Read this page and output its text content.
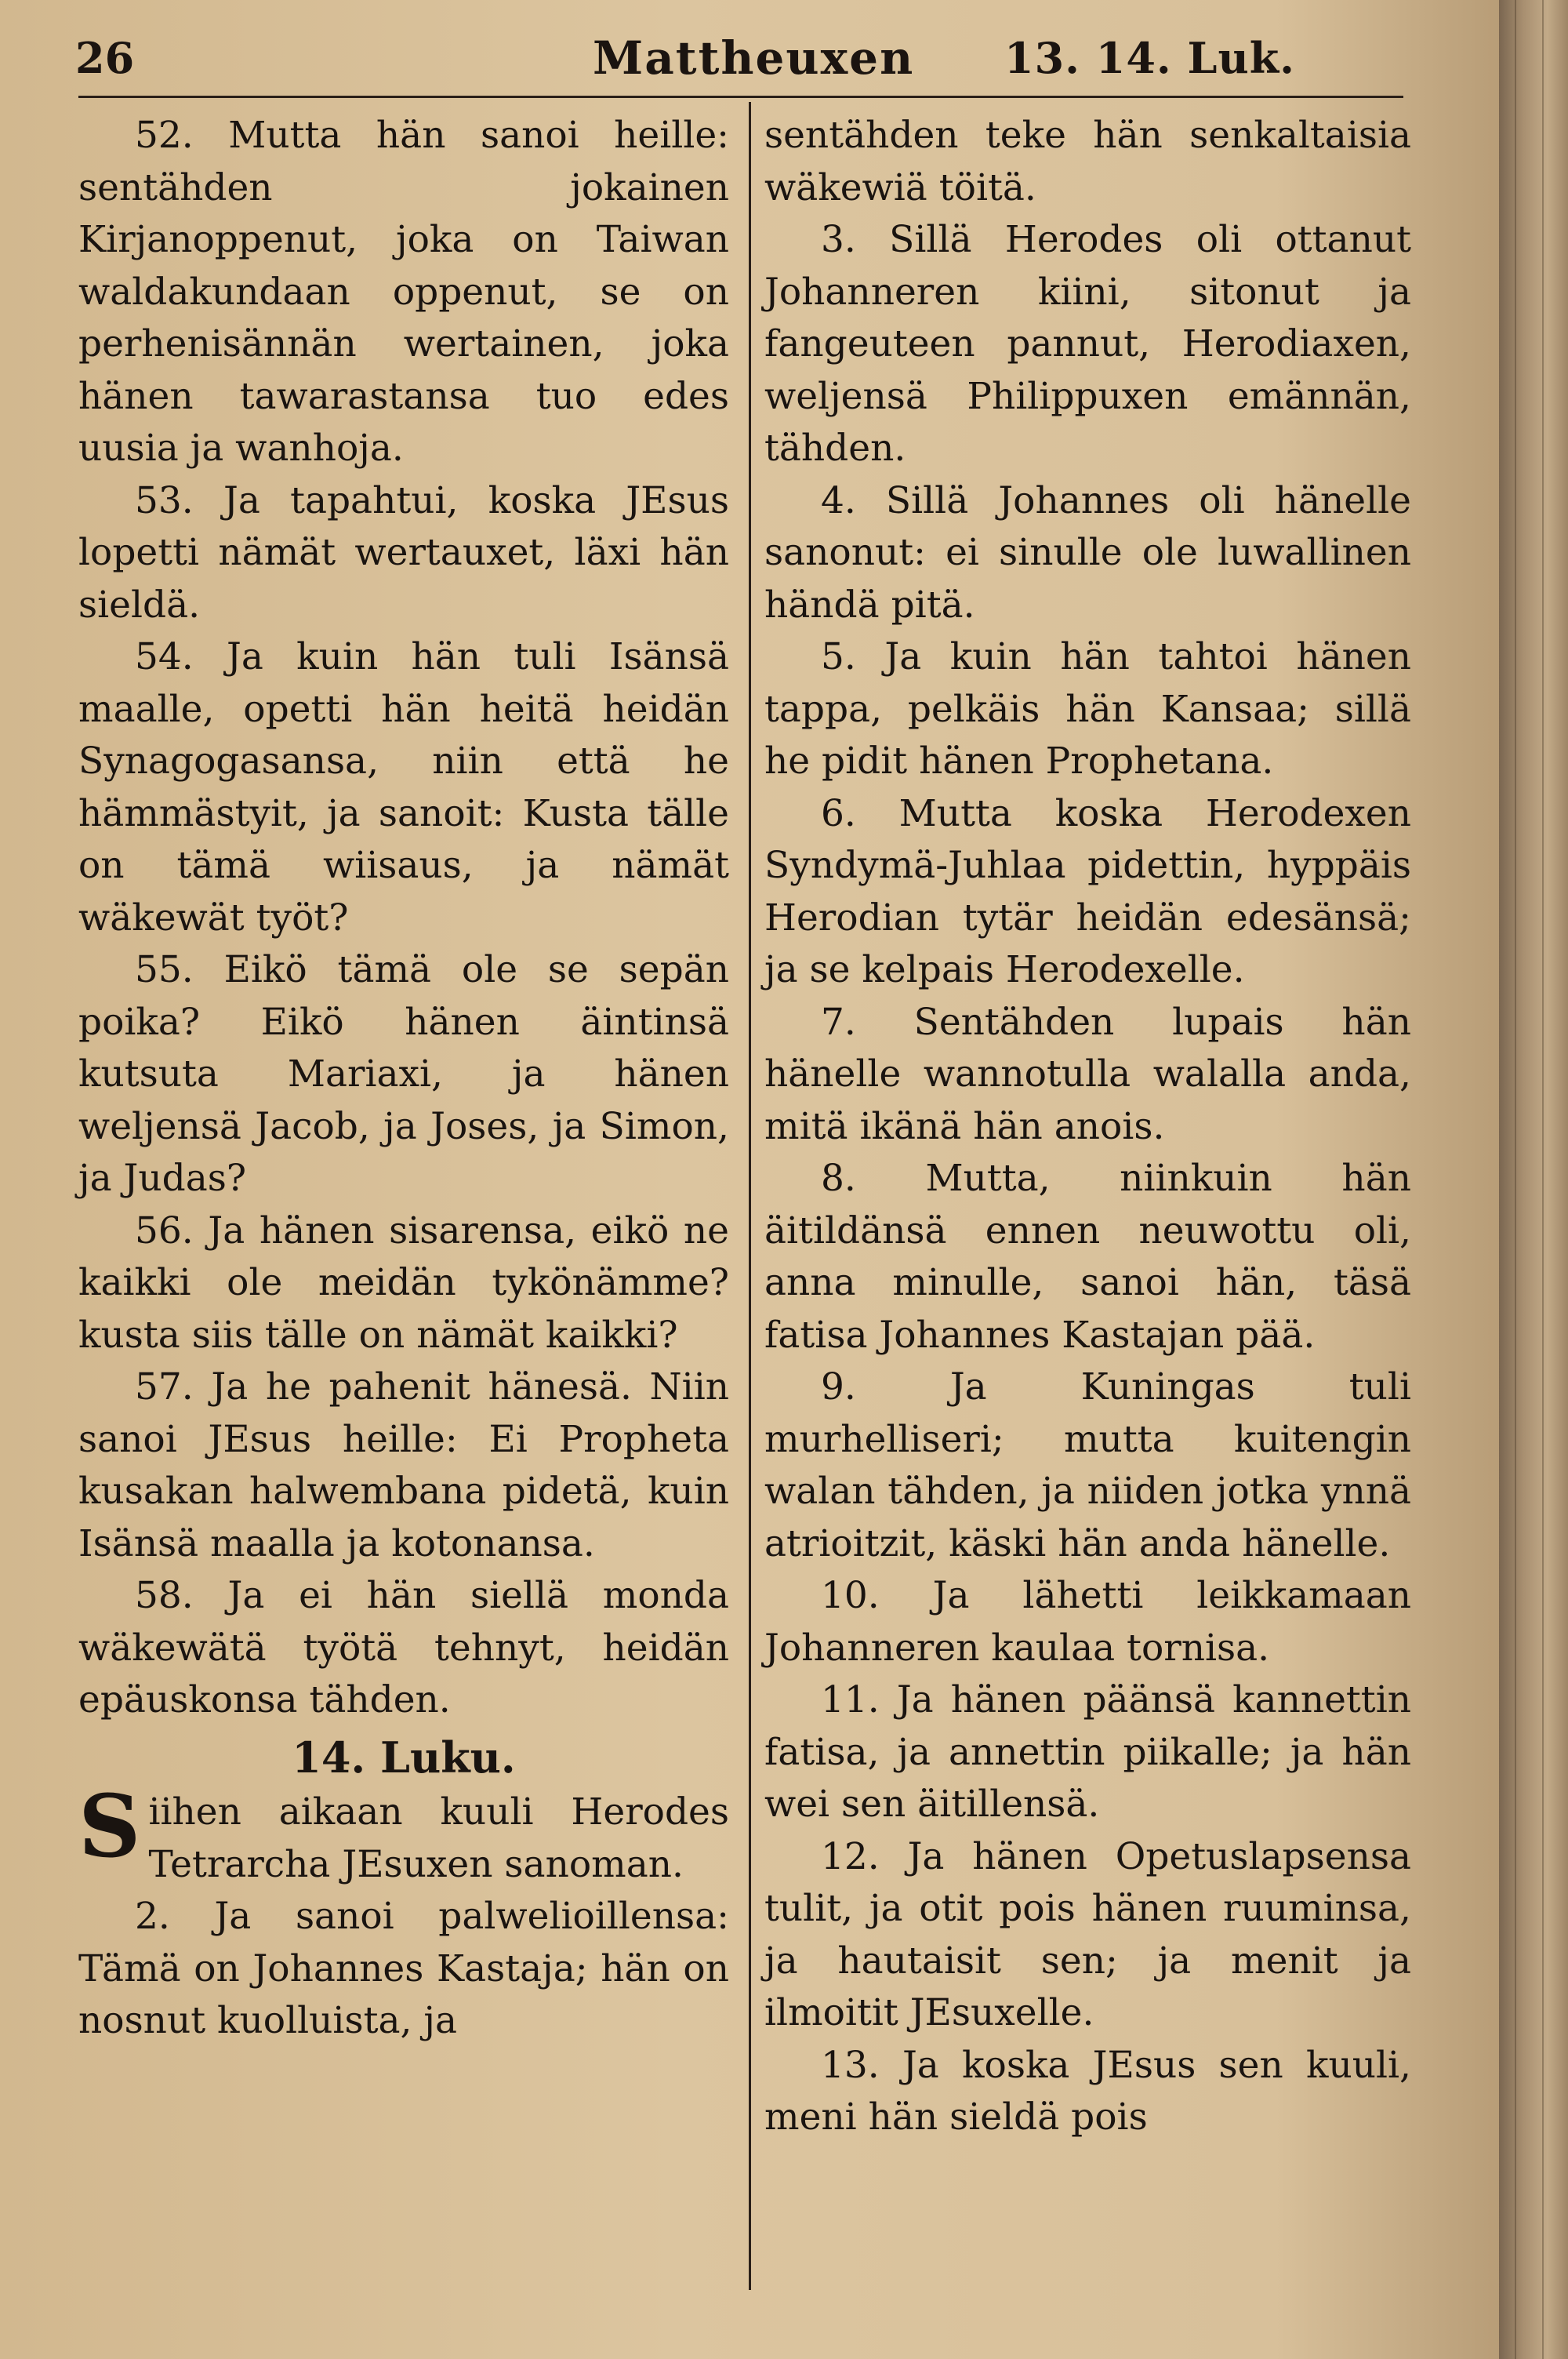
26	Mattheuxen 13. 14. Luk.

52. Mutta hän sanoi heille: sentähden jokainen Kirjanoppenut, joka on Taiwan waldakundaan oppenut, se on perhenisännän wertainen, joka hänen tawarastansa tuo edes uusia ja wanhoja.

53. Ja tapahtui, koska JEsus lopetti nämät wertauxet, läxi hän sieldä.

54. Ja kuin hän tuli Isänsä maalle, opetti hän heitä heidän Synagogasansa, niin että he hämmästyit, ja sanoit: Kusta tälle on tämä wiisaus, ja nämät wäkewät työt?

55. Eikö tämä ole se sepän poika? Eikö hänen äintinsä kutsuta Mariaxi, ja hänen weljensä Jacob, ja Joses, ja Simon, ja Judas?

56. Ja hänen sisarensa, eikö ne kaikki ole meidän tykönämme? kusta siis tälle on nämät kaikki?

57. Ja he pahenit hänesä. Niin sanoi JEsus heille: Ei Propheta kusakan halwembana pidetä, kuin Isänsä maalla ja kotonansa.

58. Ja ei hän siellä monda wäkewätä työtä tehnyt, heidän epäuskonsa tähden.

14. Luku.

Siihen aikaan kuuli Herodes Tetrarcha JEsuxen sanoman.

2. Ja sanoi palwelioillensa: Tämä on Johannes Kastaja; hän on nosnut kuolluista, ja

sentähden teke hän senkaltaisia wäkewiä töitä.

3. Sillä Herodes oli ottanut Johanneren kiini, sitonut ja fangeuteen pannut, Herodiaxen, weljensä Philippuxen emännän, tähden.

4. Sillä Johannes oli hänelle sanonut: ei sinulle ole luwallinen händä pitä.

5. Ja kuin hän tahtoi hänen tappa, pelkäis hän Kansaa; sillä he pidit hänen Prophetana.

6. Mutta koska Herodexen Syndymä-Juhlaa pidettin, hyppäis Herodian tytär heidän edesänsä; ja se kelpais Herodexelle.

7. Sentähden lupais hän hänelle wannotulla walalla anda, mitä ikänä hän anois.

8. Mutta, niinkuin hän äitildänsä ennen neuwottu oli, anna minulle, sanoi hän, täsä fatisa Johannes Kastajan pää.

9. Ja Kuningas tuli murhelliseri; mutta kuitengin walan tähden, ja niiden jotka ynnä atrioitzit, käski hän anda hänelle.

10. Ja lähetti leikkamaan Johanneren kaulaa tornisa.

11. Ja hänen päänsä kannettin fatisa, ja annettin piikalle; ja hän wei sen äitillensä.

12. Ja hänen Opetuslapsensa tulit, ja otit pois hänen ruuminsa, ja hautaisit sen; ja menit ja ilmoitit JEsuxelle.

13. Ja koska JEsus sen kuuli, meni hän sieldä pois
